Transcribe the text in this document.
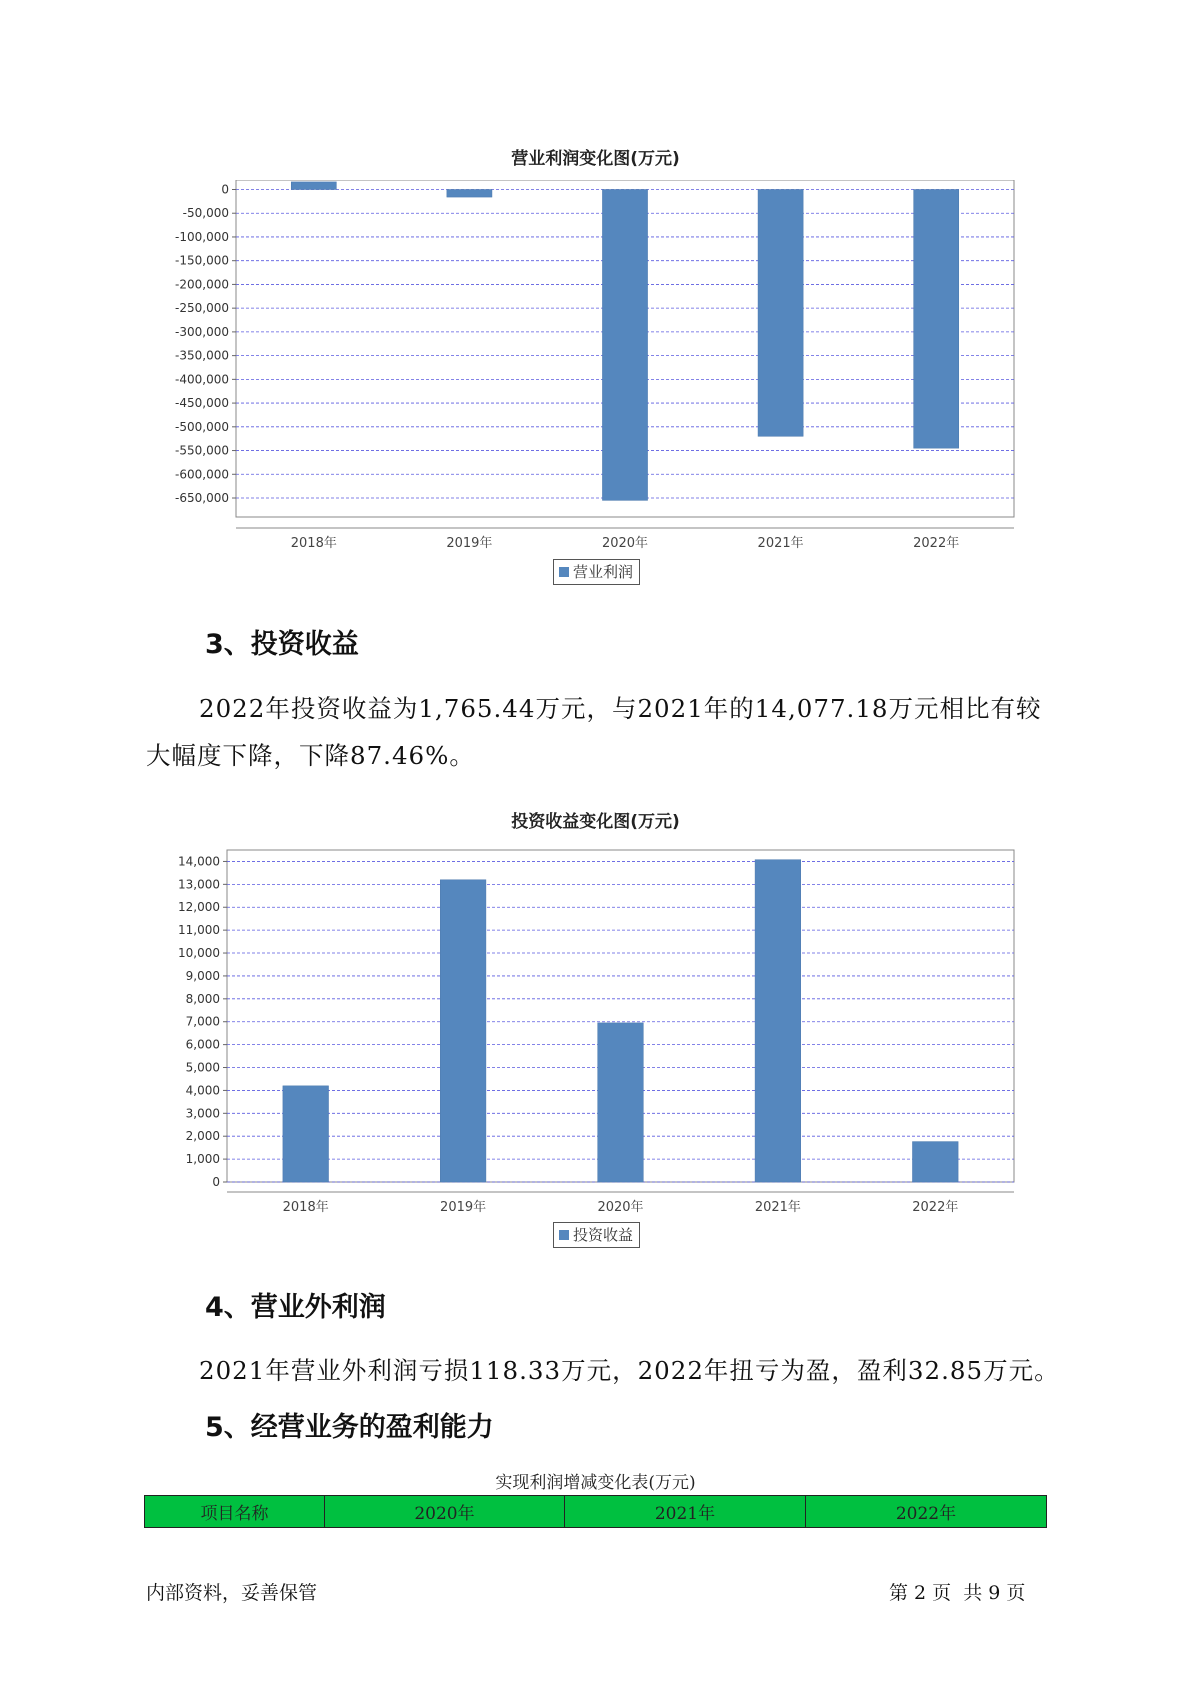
营业利润变化图(万元)
0
-50,000
-100,000
-150,000
-200,000
-250,000
-300,000
-350,000
-400,000
-450,000
-500,000
-550,000
-600,000
-650,000
2018年	2019年	2020年	2021年	2022年
营业利润
3、投资收益
2022年投资收益为1,765.44万元，与2021年的14,077.18万元相比有较
大幅度下降，下降87.46%。
投资收益变化图(万元)
0
1,000
2,000
3,000
4,000
5,000
6,000
7,000
8,000
9,000
10,000
11,000
12,000
13,000
14,000
2018年	2019年	2020年	2021年	2022年
投资收益
4、营业外利润
2021年营业外利润亏损118.33万元，2022年扭亏为盈，盈利32.85万元。
5、经营业务的盈利能力
实现利润增减变化表(万元)
项目名称	2020年	2021年	2022年
内部资料，妥善保管	第 2 页  共 9 页
